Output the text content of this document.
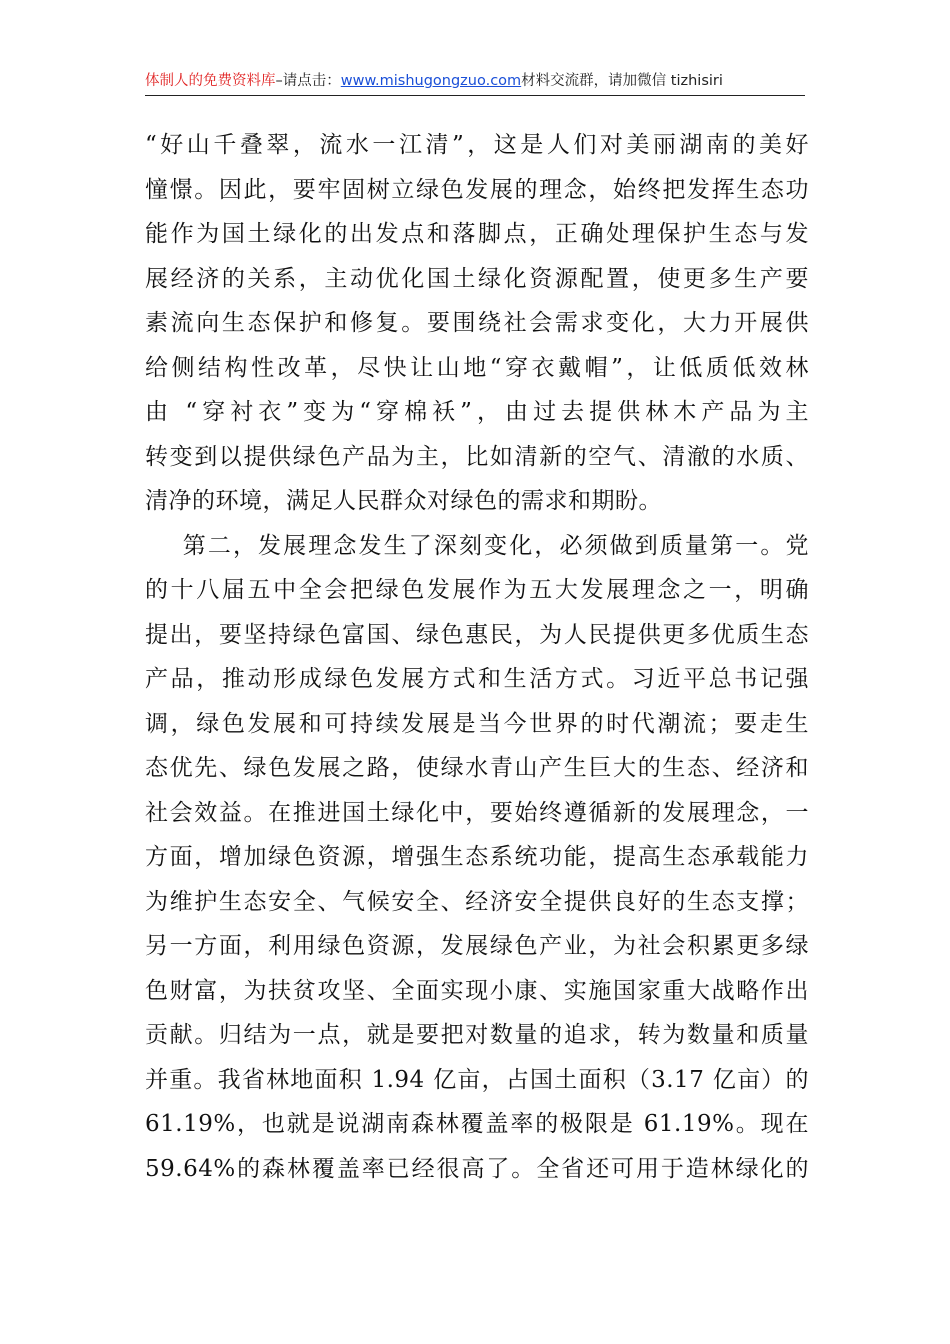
体制人的免费资料库–请点击：www.mishugongzuo.com材料交流群，请加微信 tizhisiri
“好山千叠翠，流水一江清”，这是人们对美丽湖南的美好
憧憬。因此，要牢固树立绿色发展的理念，始终把发挥生态功
能作为国土绿化的出发点和落脚点，正确处理保护生态与发
展经济的关系，主动优化国土绿化资源配置，使更多生产要
素流向生态保护和修复。要围绕社会需求变化，大力开展供
给侧结构性改革，尽快让山地“穿衣戴帽”，让低质低效林
由 “穿衬衣”变为“穿棉袄”，由过去提供林木产品为主
转变到以提供绿色产品为主，比如清新的空气、清澈的水质、
清净的环境，满足人民群众对绿色的需求和期盼。
第二，发展理念发生了深刻变化，必须做到质量第一。党
的十八届五中全会把绿色发展作为五大发展理念之一，明确
提出，要坚持绿色富国、绿色惠民，为人民提供更多优质生态
产品，推动形成绿色发展方式和生活方式。习近平总书记强
调，绿色发展和可持续发展是当今世界的时代潮流；要走生
态优先、绿色发展之路，使绿水青山产生巨大的生态、经济和
社会效益。在推进国土绿化中，要始终遵循新的发展理念，一
方面，增加绿色资源，增强生态系统功能，提高生态承载能力
为维护生态安全、气候安全、经济安全提供良好的生态支撑；
另一方面，利用绿色资源，发展绿色产业，为社会积累更多绿
色财富，为扶贫攻坚、全面实现小康、实施国家重大战略作出
贡献。归结为一点，就是要把对数量的追求，转为数量和质量
并重。我省林地面积 1.94 亿亩，占国土面积（3.17 亿亩）的
61.19%，也就是说湖南森林覆盖率的极限是 61.19%。现在
59.64%的森林覆盖率已经很高了。全省还可用于造林绿化的
